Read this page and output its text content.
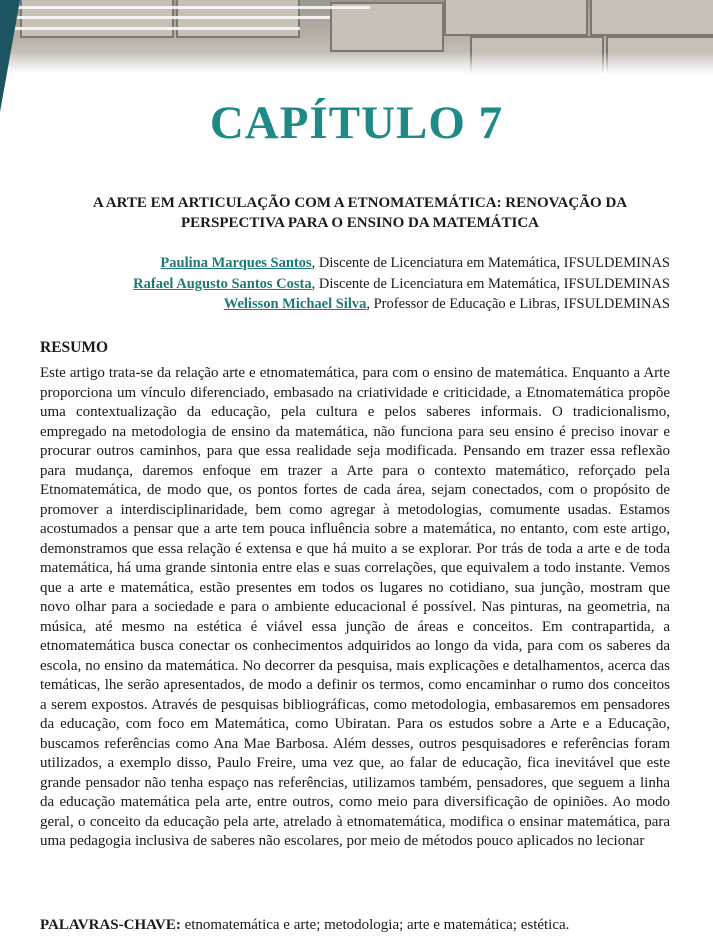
CAPÍTULO 7
A ARTE EM ARTICULAÇÃO COM A ETNOMATEMÁTICA: RENOVAÇÃO DA
PERSPECTIVA PARA O ENSINO DA MATEMÁTICA
Paulina Marques Santos, Discente de Licenciatura em Matemática, IFSULDEMINAS
Rafael Augusto Santos Costa, Discente de Licenciatura em Matemática, IFSULDEMINAS
Welisson Michael Silva, Professor de Educação e Libras, IFSULDEMINAS
RESUMO

Este artigo trata-se da relação arte e etnomatemática, para com o ensino de matemática. Enquanto a Arte proporciona um vínculo diferenciado, embasado na criatividade e criticidade, a Etnomatemática propõe uma contextualização da educação, pela cultura e pelos saberes informais. O tradicionalismo, empregado na metodologia de ensino da matemática, não funciona para seu ensino é preciso inovar e procurar outros caminhos, para que essa realidade seja modificada. Pensando em trazer essa reflexão para mudança, daremos enfoque em trazer a Arte para o contexto matemático, reforçado pela Etnomatemática, de modo que, os pontos fortes de cada área, sejam conectados, com o propósito de promover a interdisciplinaridade, bem como agregar à metodologias, comumente usadas. Estamos acostumados a pensar que a arte tem pouca influência sobre a matemática, no entanto, com este artigo, demonstramos que essa relação é extensa e que há muito a se explorar. Por trás de toda a arte e de toda matemática, há uma grande sintonia entre elas e suas correlações, que equivalem a todo instante. Vemos que a arte e matemática, estão presentes em todos os lugares no cotidiano, sua junção, mostram que novo olhar para a sociedade e para o ambiente educacional é possível. Nas pinturas, na geometria, na música, até mesmo na estética é viável essa junção de áreas e conceitos. Em contrapartida, a etnomatemática busca conectar os conhecimentos adquiridos ao longo da vida, para com os saberes da escola, no ensino da matemática. No decorrer da pesquisa, mais explicações e detalhamentos, acerca das temáticas, lhe serão apresentados, de modo a definir os termos, como encaminhar o rumo dos conceitos a serem expostos. Através de pesquisas bibliográficas, como metodologia, embasaremos em pensadores da educação, com foco em Matemática, como Ubiratan. Para os estudos sobre a Arte e a Educação, buscamos referências como Ana Mae Barbosa. Além desses, outros pesquisadores e referências foram utilizados, a exemplo disso, Paulo Freire, uma vez que, ao falar de educação, fica inevitável que este grande pensador não tenha espaço nas referências, utilizamos também, pensadores, que seguem a linha da educação matemática pela arte, entre outros, como meio para diversificação de opiniões. Ao modo geral, o conceito da educação pela arte, atrelado à etnomatemática, modifica o ensinar matemática, para uma pedagogia inclusiva de saberes não escolares, por meio de métodos pouco aplicados no lecionar

PALAVRAS-CHAVE: etnomatemática e arte; metodologia; arte e matemática; estética.
